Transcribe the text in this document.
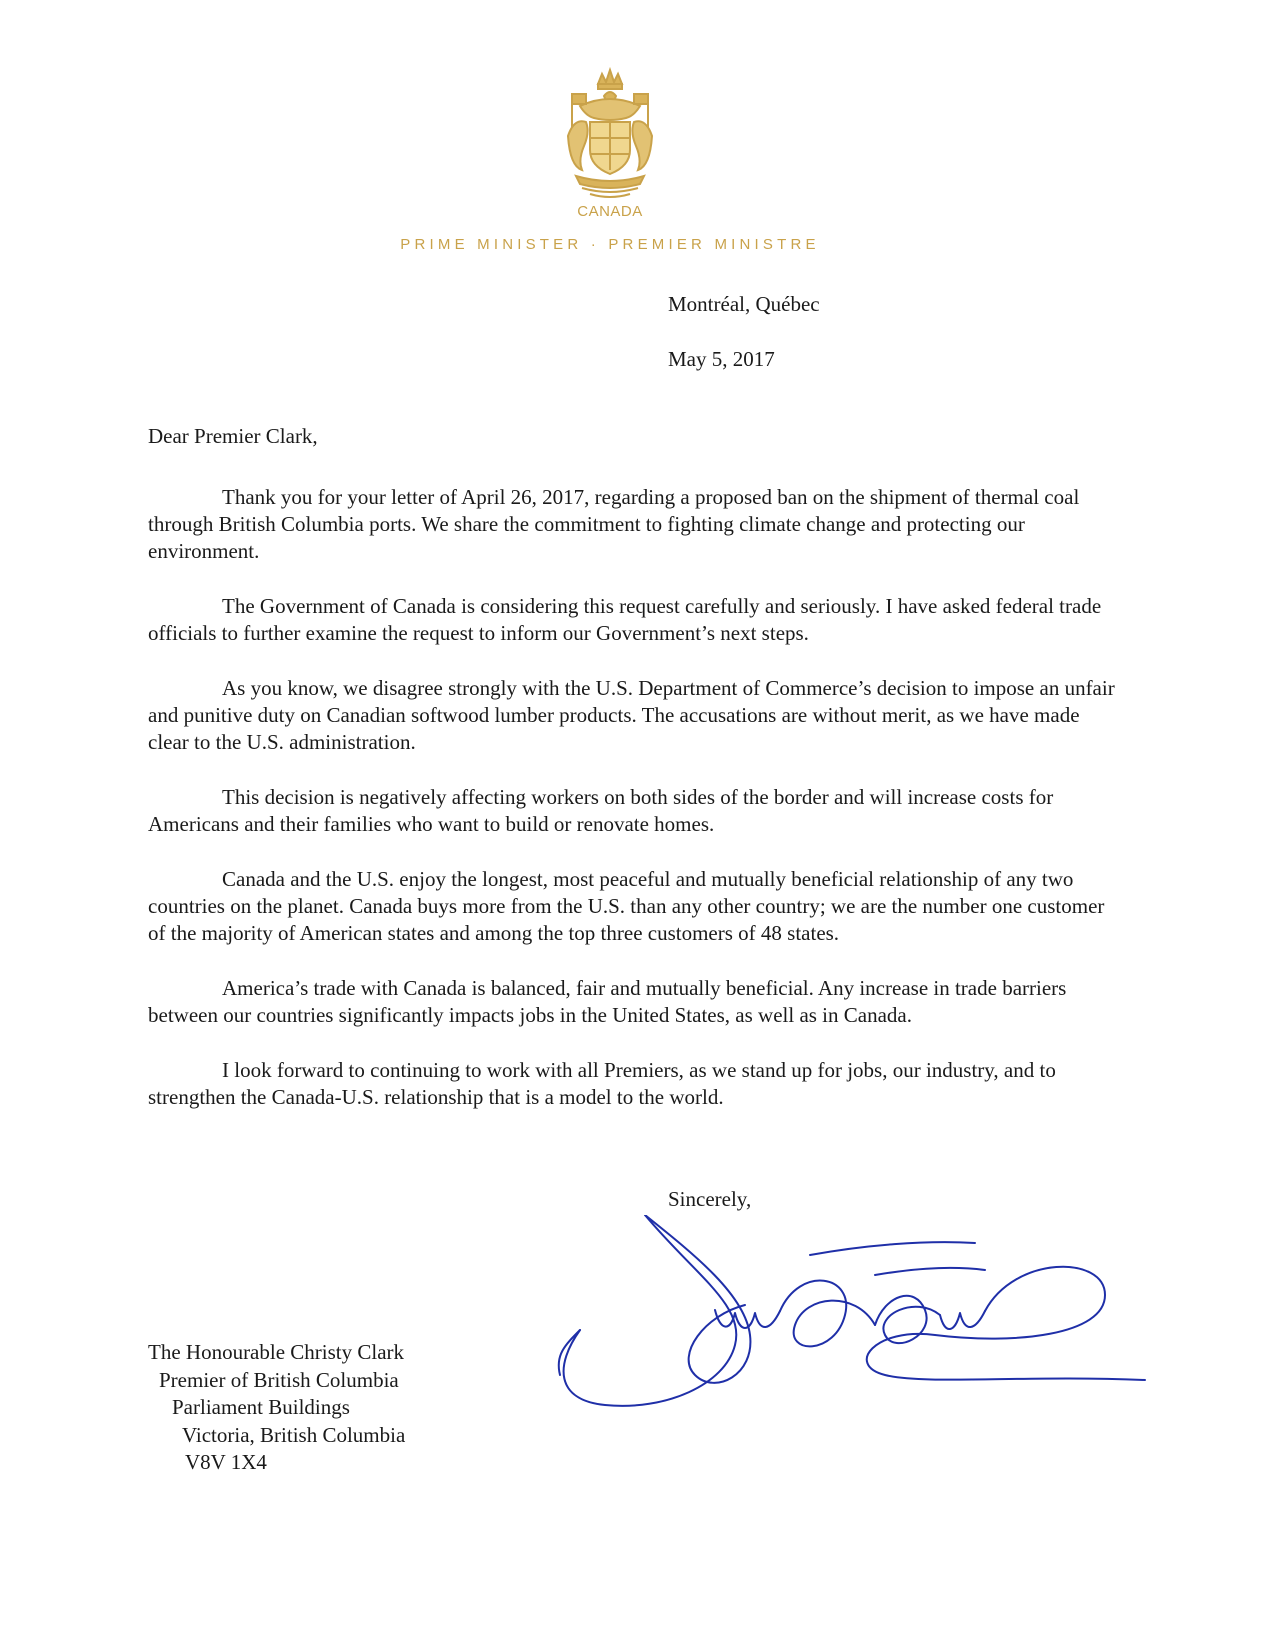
CANADA
PRIME MINISTER · PREMIER MINISTRE
Montréal, Québec
May 5, 2017
Dear Premier Clark,

Thank you for your letter of April 26, 2017, regarding a proposed ban on the shipment of thermal coal through British Columbia ports. We share the commitment to fighting climate change and protecting our environment.

The Government of Canada is considering this request carefully and seriously. I have asked federal trade officials to further examine the request to inform our Government’s next steps.

As you know, we disagree strongly with the U.S. Department of Commerce’s decision to impose an unfair and punitive duty on Canadian softwood lumber products. The accusations are without merit, as we have made clear to the U.S. administration.

This decision is negatively affecting workers on both sides of the border and will increase costs for Americans and their families who want to build or renovate homes.

Canada and the U.S. enjoy the longest, most peaceful and mutually beneficial relationship of any two countries on the planet. Canada buys more from the U.S. than any other country; we are the number one customer of the majority of American states and among the top three customers of 48 states.

America’s trade with Canada is balanced, fair and mutually beneficial. Any increase in trade barriers between our countries significantly impacts jobs in the United States, as well as in Canada.

I look forward to continuing to work with all Premiers, as we stand up for jobs, our industry, and to strengthen the Canada-U.S. relationship that is a model to the world.

Sincerely,
The Honourable Christy Clark
Premier of British Columbia
Parliament Buildings
Victoria, British Columbia
V8V 1X4
